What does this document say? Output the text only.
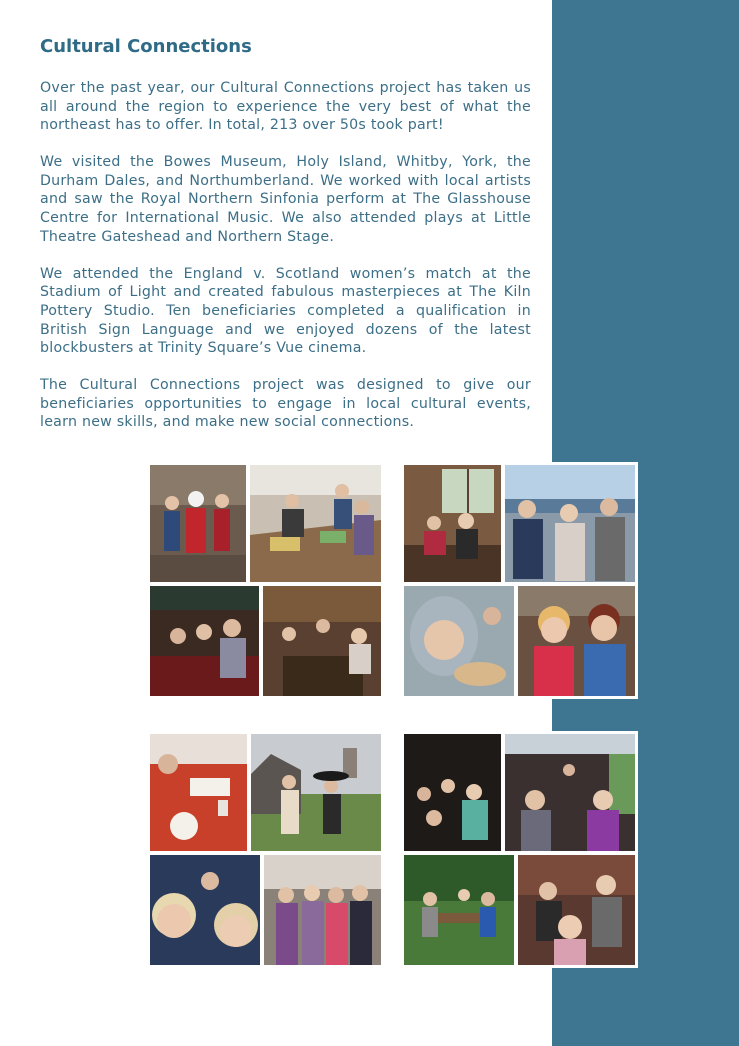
Cultural Connections

Over the past year, our Cultural Connections project has taken us all around the region to experience the very best of what the northeast has to offer. In total, 213 over 50s took part!

We visited the Bowes Museum, Holy Island, Whitby, York, the Durham Dales, and Northumberland. We worked with local artists and saw the Royal Northern Sinfonia perform at The Glasshouse Centre for International Music. We also attended plays at Little Theatre Gateshead and Northern Stage.

We attended the England v. Scotland women’s match at the Stadium of Light and created fabulous masterpieces at The Kiln Pottery Studio. Ten beneficiaries completed a qualification in British Sign Language and we enjoyed dozens of the latest blockbusters at Trinity Square’s Vue cinema.

The Cultural Connections project was designed to give our beneficiaries opportunities to engage in local cultural events, learn new skills, and make new social connections.
